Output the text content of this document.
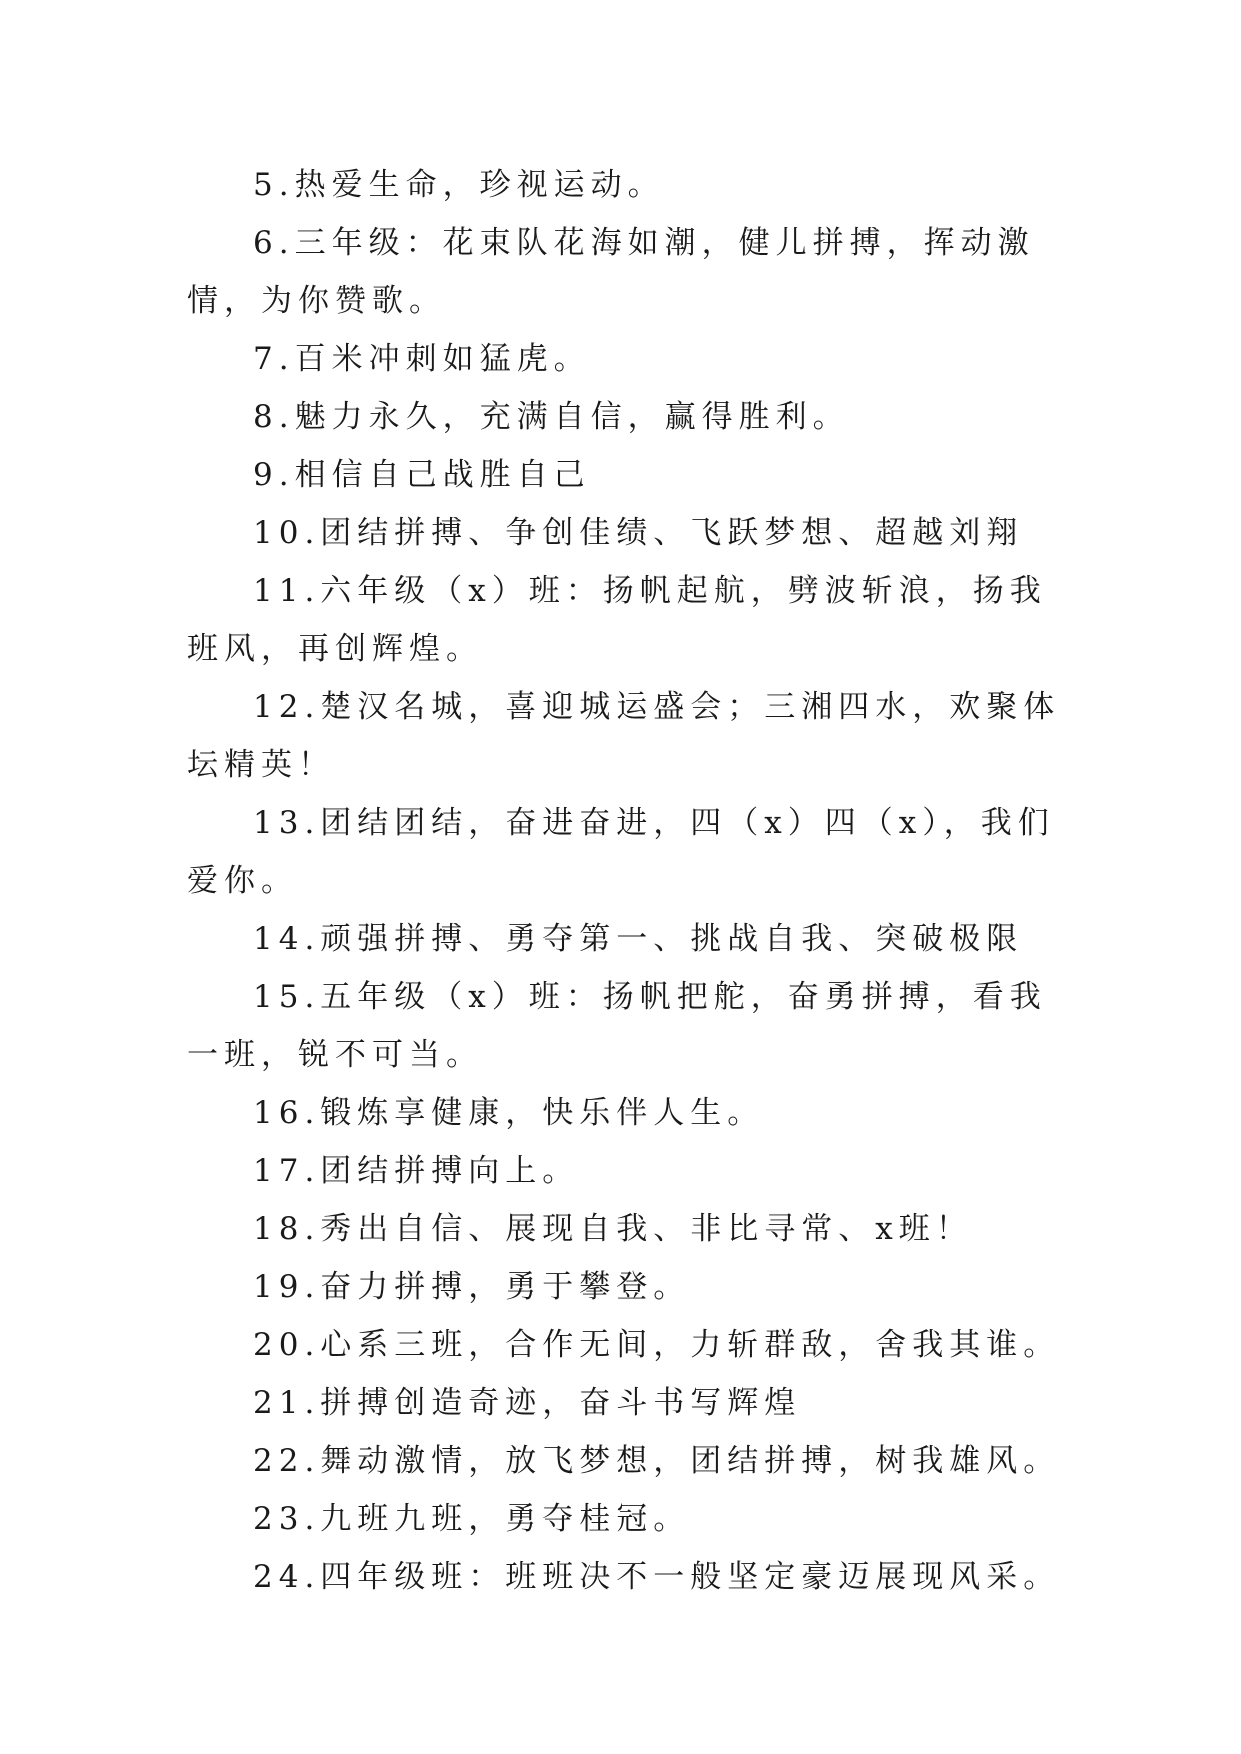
5.热爱生命，珍视运动。

6.三年级：花束队花海如潮，健儿拼搏，挥动激情，为你赞歌。

7.百米冲刺如猛虎。

8.魅力永久，充满自信，赢得胜利。

9.相信自己战胜自己

10.团结拼搏、争创佳绩、飞跃梦想、超越刘翔

11.六年级（x）班：扬帆起航，劈波斩浪，扬我班风，再创辉煌。

12.楚汉名城，喜迎城运盛会；三湘四水，欢聚体坛精英！

13.团结团结，奋进奋进，四（x）四（x），我们爱你。

14.顽强拼搏、勇夺第一、挑战自我、突破极限

15.五年级（x）班：扬帆把舵，奋勇拼搏，看我一班，锐不可当。

16.锻炼享健康，快乐伴人生。

17.团结拼搏向上。

18.秀出自信、展现自我、非比寻常、x班！

19.奋力拼搏，勇于攀登。

20.心系三班，合作无间，力斩群敌，舍我其谁。

21.拼搏创造奇迹，奋斗书写辉煌

22.舞动激情，放飞梦想，团结拼搏，树我雄风。

23.九班九班，勇夺桂冠。

24.四年级班：班班决不一般坚定豪迈展现风采。
